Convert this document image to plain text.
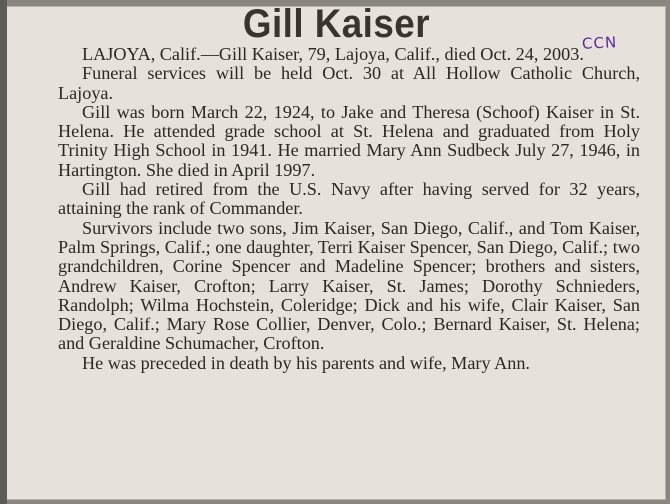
Gill Kaiser	CCN

LAJOYA, Calif.—Gill Kaiser, 79, Lajoya, Calif., died Oct. 24, 2003.

Funeral services will be held Oct. 30 at All Hollow Catholic Church, Lajoya.

Gill was born March 22, 1924, to Jake and Theresa (Schoof) Kaiser in St. Helena. He attended grade school at St. Helena and graduated from Holy Trinity High School in 1941. He married Mary Ann Sudbeck July 27, 1946, in Hartington. She died in April 1997.

Gill had retired from the U.S. Navy after having served for 32 years, attaining the rank of Commander.

Survivors include two sons, Jim Kaiser, San Diego, Calif., and Tom Kaiser, Palm Springs, Calif.; one daughter, Terri Kaiser Spencer, San Diego, Calif.; two grandchildren, Corine Spencer and Madeline Spencer; brothers and sisters, Andrew Kaiser, Crofton; Larry Kaiser, St. James; Dorothy Schnieders, Randolph; Wilma Hochstein, Coleridge; Dick and his wife, Clair Kaiser, San Diego, Calif.; Mary Rose Collier, Denver, Colo.; Bernard Kaiser, St. Helena; and Geraldine Schumacher, Crofton.

He was preceded in death by his parents and wife, Mary Ann.
